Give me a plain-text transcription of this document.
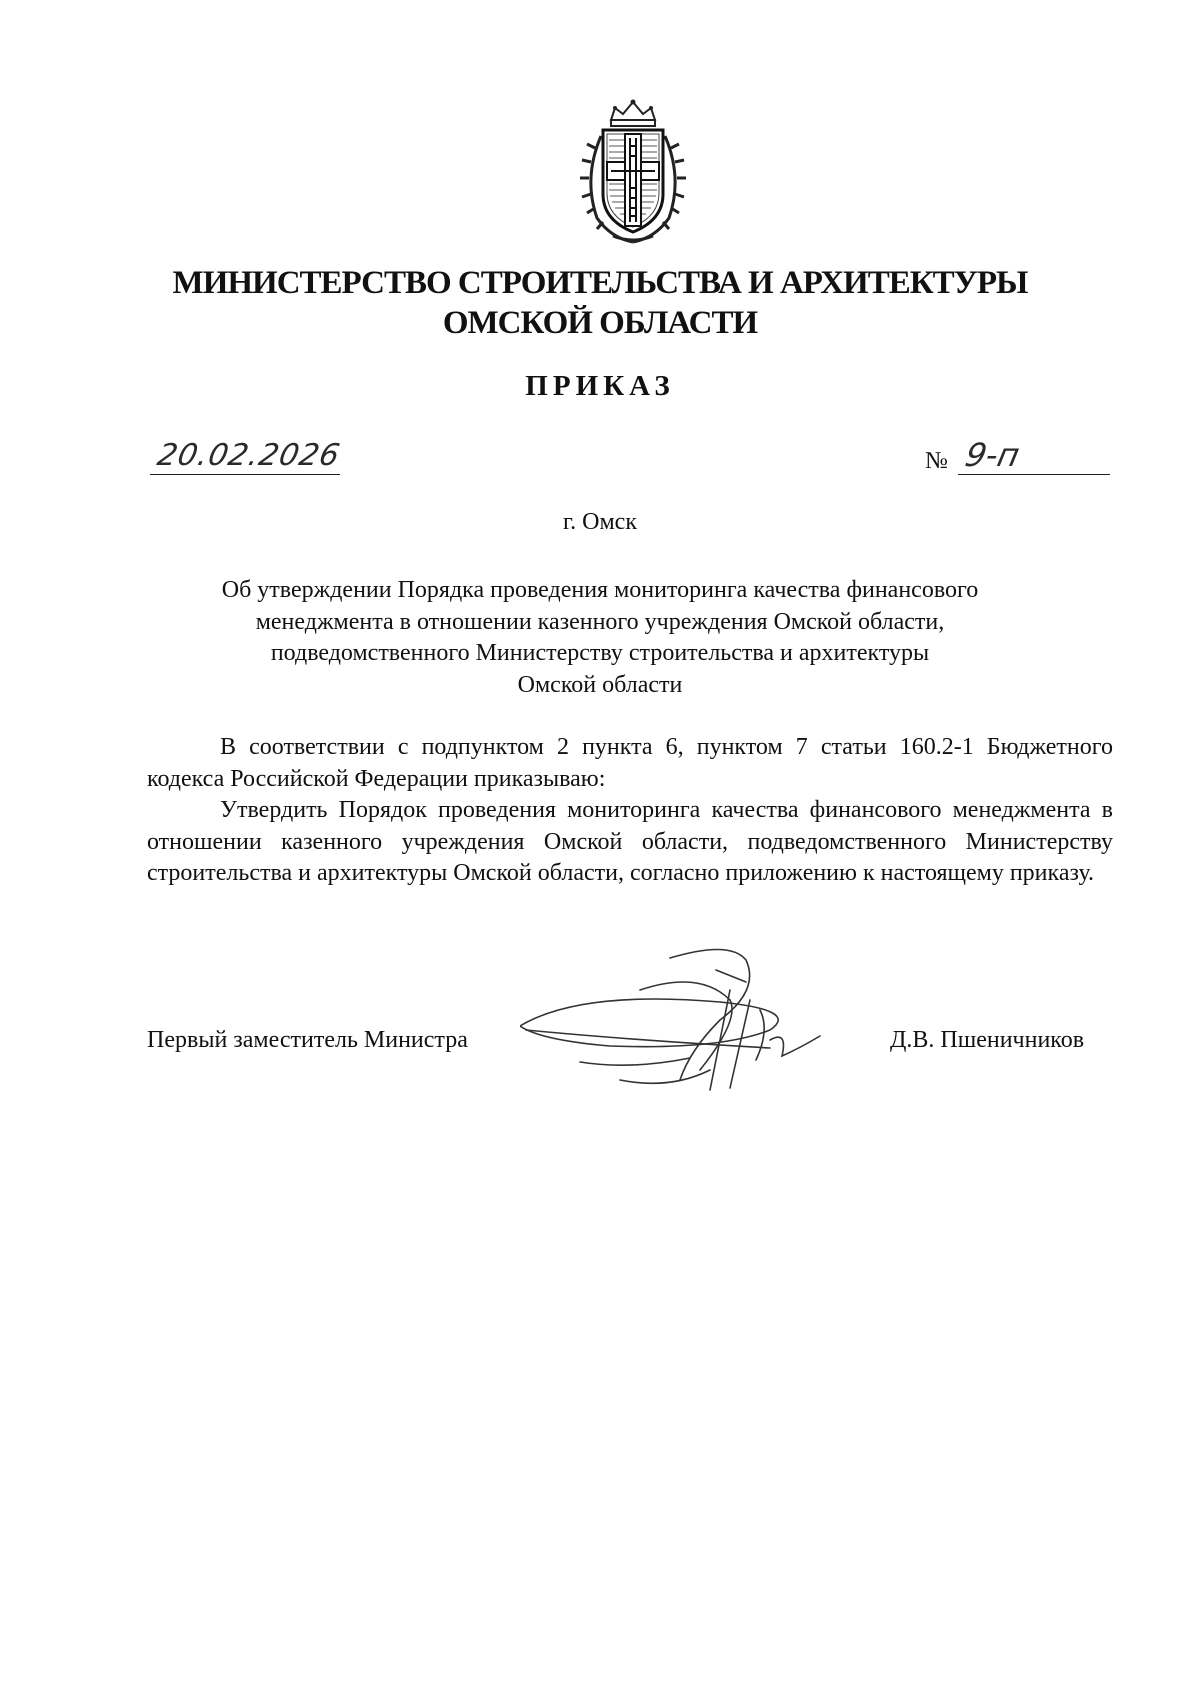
МИНИСТЕРСТВО СТРОИТЕЛЬСТВА И АРХИТЕКТУРЫ
ОМСКОЙ ОБЛАСТИ
ПРИКАЗ
20.02.2026	№ 9-п
г. Омск
Об утверждении Порядка проведения мониторинга качества финансового
менеджмента в отношении казенного учреждения Омской области,
подведомственного Министерству строительства и архитектуры
Омской области

В соответствии с подпунктом 2 пункта 6, пунктом 7 статьи 160.2-1 Бюджетного кодекса Российской Федерации приказываю:

Утвердить Порядок проведения мониторинга качества финансового менеджмента в отношении казенного учреждения Омской области, подведомственного Министерству строительства и архитектуры Омской области, согласно приложению к настоящему приказу.

Первый заместитель Министра	Д.В. Пшеничников
